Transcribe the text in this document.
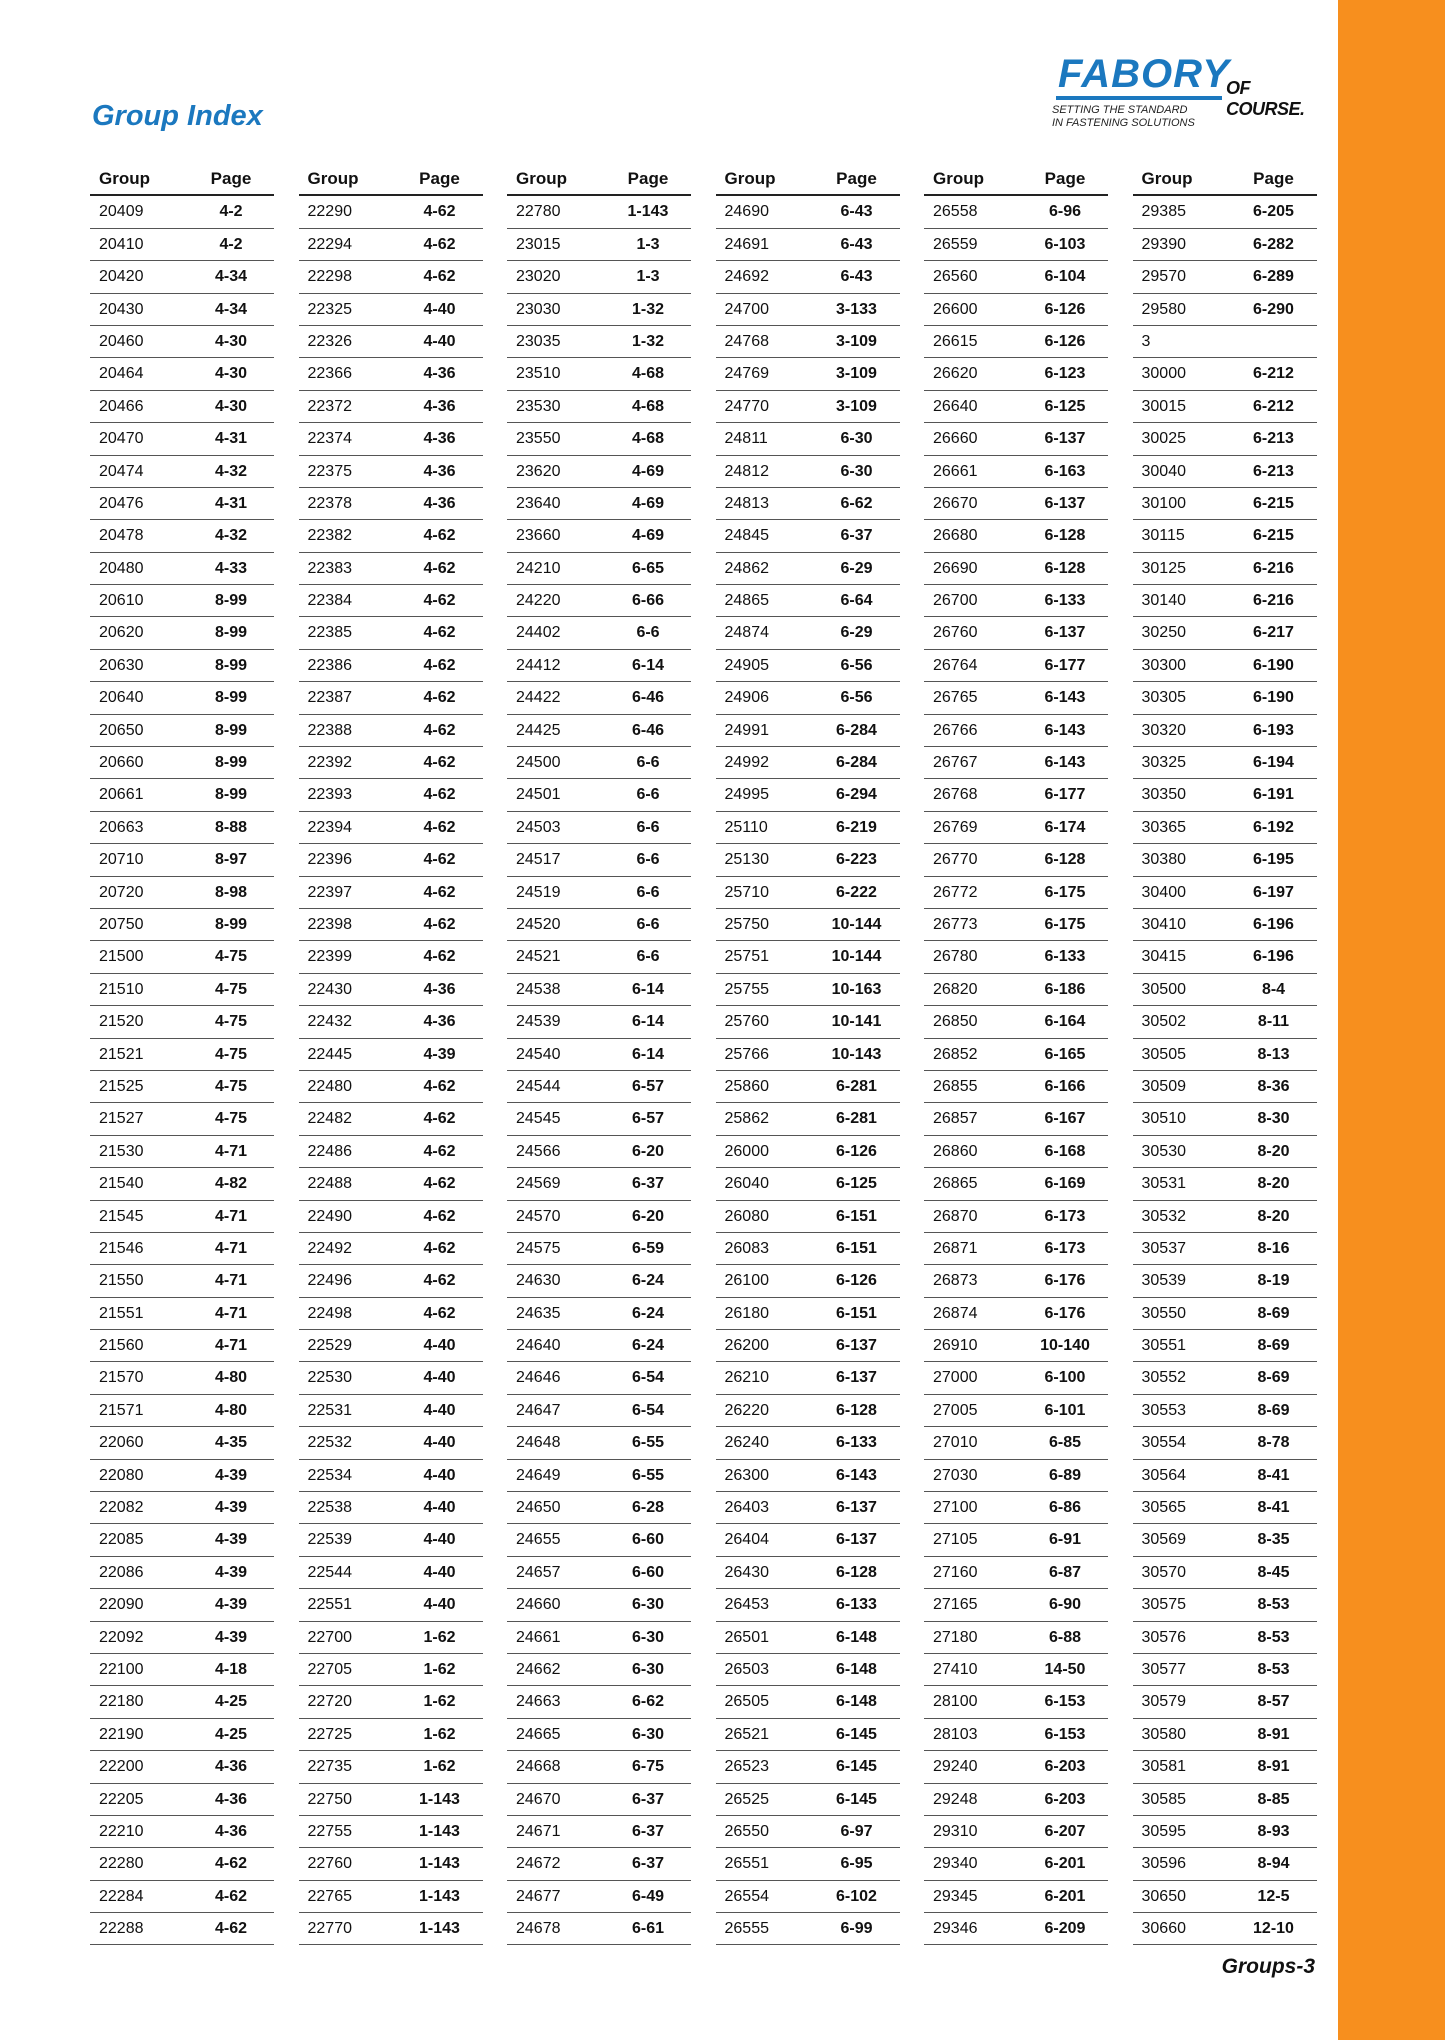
Group Index
FABORY
OF COURSE.
SETTING THE STANDARD
IN FASTENING SOLUTIONS
Group	Page
20409	4-2
20410	4-2
20420	4-34
20430	4-34
20460	4-30
20464	4-30
20466	4-30
20470	4-31
20474	4-32
20476	4-31
20478	4-32
20480	4-33
20610	8-99
20620	8-99
20630	8-99
20640	8-99
20650	8-99
20660	8-99
20661	8-99
20663	8-88
20710	8-97
20720	8-98
20750	8-99
21500	4-75
21510	4-75
21520	4-75
21521	4-75
21525	4-75
21527	4-75
21530	4-71
21540	4-82
21545	4-71
21546	4-71
21550	4-71
21551	4-71
21560	4-71
21570	4-80
21571	4-80
22060	4-35
22080	4-39
22082	4-39
22085	4-39
22086	4-39
22090	4-39
22092	4-39
22100	4-18
22180	4-25
22190	4-25
22200	4-36
22205	4-36
22210	4-36
22280	4-62
22284	4-62
22288	4-62
Group	Page
22290	4-62
22294	4-62
22298	4-62
22325	4-40
22326	4-40
22366	4-36
22372	4-36
22374	4-36
22375	4-36
22378	4-36
22382	4-62
22383	4-62
22384	4-62
22385	4-62
22386	4-62
22387	4-62
22388	4-62
22392	4-62
22393	4-62
22394	4-62
22396	4-62
22397	4-62
22398	4-62
22399	4-62
22430	4-36
22432	4-36
22445	4-39
22480	4-62
22482	4-62
22486	4-62
22488	4-62
22490	4-62
22492	4-62
22496	4-62
22498	4-62
22529	4-40
22530	4-40
22531	4-40
22532	4-40
22534	4-40
22538	4-40
22539	4-40
22544	4-40
22551	4-40
22700	1-62
22705	1-62
22720	1-62
22725	1-62
22735	1-62
22750	1-143
22755	1-143
22760	1-143
22765	1-143
22770	1-143
Group	Page
22780	1-143
23015	1-3
23020	1-3
23030	1-32
23035	1-32
23510	4-68
23530	4-68
23550	4-68
23620	4-69
23640	4-69
23660	4-69
24210	6-65
24220	6-66
24402	6-6
24412	6-14
24422	6-46
24425	6-46
24500	6-6
24501	6-6
24503	6-6
24517	6-6
24519	6-6
24520	6-6
24521	6-6
24538	6-14
24539	6-14
24540	6-14
24544	6-57
24545	6-57
24566	6-20
24569	6-37
24570	6-20
24575	6-59
24630	6-24
24635	6-24
24640	6-24
24646	6-54
24647	6-54
24648	6-55
24649	6-55
24650	6-28
24655	6-60
24657	6-60
24660	6-30
24661	6-30
24662	6-30
24663	6-62
24665	6-30
24668	6-75
24670	6-37
24671	6-37
24672	6-37
24677	6-49
24678	6-61
Group	Page
24690	6-43
24691	6-43
24692	6-43
24700	3-133
24768	3-109
24769	3-109
24770	3-109
24811	6-30
24812	6-30
24813	6-62
24845	6-37
24862	6-29
24865	6-64
24874	6-29
24905	6-56
24906	6-56
24991	6-284
24992	6-284
24995	6-294
25110	6-219
25130	6-223
25710	6-222
25750	10-144
25751	10-144
25755	10-163
25760	10-141
25766	10-143
25860	6-281
25862	6-281
26000	6-126
26040	6-125
26080	6-151
26083	6-151
26100	6-126
26180	6-151
26200	6-137
26210	6-137
26220	6-128
26240	6-133
26300	6-143
26403	6-137
26404	6-137
26430	6-128
26453	6-133
26501	6-148
26503	6-148
26505	6-148
26521	6-145
26523	6-145
26525	6-145
26550	6-97
26551	6-95
26554	6-102
26555	6-99
Group	Page
26558	6-96
26559	6-103
26560	6-104
26600	6-126
26615	6-126
26620	6-123
26640	6-125
26660	6-137
26661	6-163
26670	6-137
26680	6-128
26690	6-128
26700	6-133
26760	6-137
26764	6-177
26765	6-143
26766	6-143
26767	6-143
26768	6-177
26769	6-174
26770	6-128
26772	6-175
26773	6-175
26780	6-133
26820	6-186
26850	6-164
26852	6-165
26855	6-166
26857	6-167
26860	6-168
26865	6-169
26870	6-173
26871	6-173
26873	6-176
26874	6-176
26910	10-140
27000	6-100
27005	6-101
27010	6-85
27030	6-89
27100	6-86
27105	6-91
27160	6-87
27165	6-90
27180	6-88
27410	14-50
28100	6-153
28103	6-153
29240	6-203
29248	6-203
29310	6-207
29340	6-201
29345	6-201
29346	6-209
Group	Page
29385	6-205
29390	6-282
29570	6-289
29580	6-290
3
30000	6-212
30015	6-212
30025	6-213
30040	6-213
30100	6-215
30115	6-215
30125	6-216
30140	6-216
30250	6-217
30300	6-190
30305	6-190
30320	6-193
30325	6-194
30350	6-191
30365	6-192
30380	6-195
30400	6-197
30410	6-196
30415	6-196
30500	8-4
30502	8-11
30505	8-13
30509	8-36
30510	8-30
30530	8-20
30531	8-20
30532	8-20
30537	8-16
30539	8-19
30550	8-69
30551	8-69
30552	8-69
30553	8-69
30554	8-78
30564	8-41
30565	8-41
30569	8-35
30570	8-45
30575	8-53
30576	8-53
30577	8-53
30579	8-57
30580	8-91
30581	8-91
30585	8-85
30595	8-93
30596	8-94
30650	12-5
30660	12-10
Groups-3
